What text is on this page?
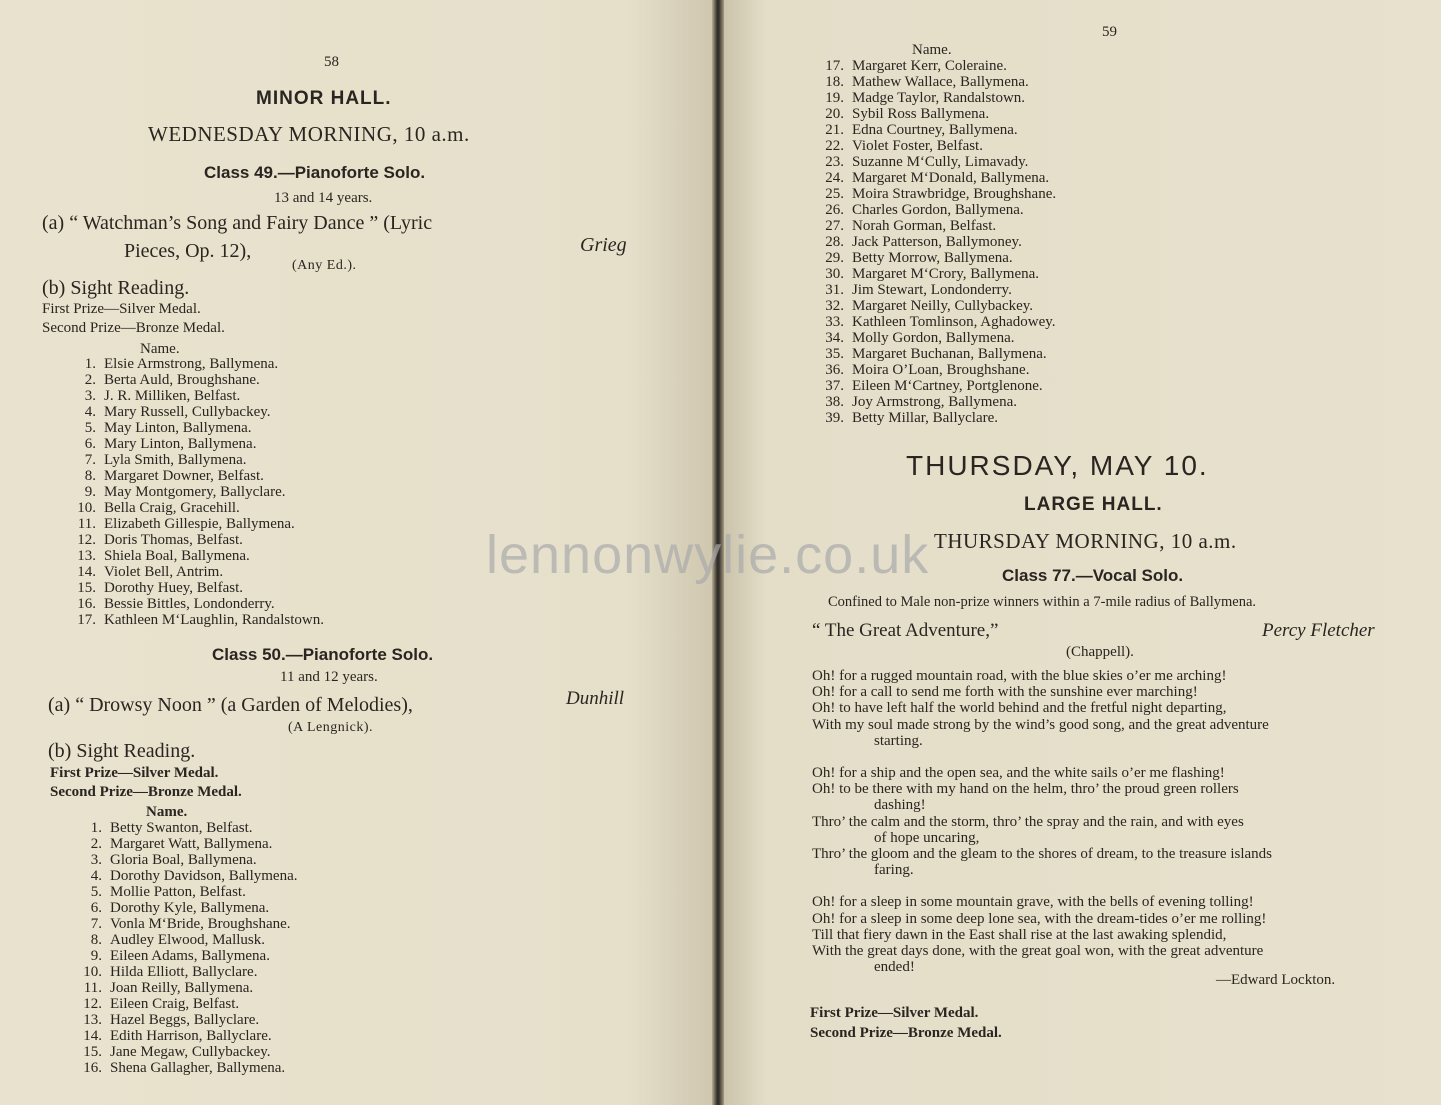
58
MINOR HALL.
WEDNESDAY MORNING, 10 a.m.
Class 49.—Pianoforte Solo.
13 and 14 years.
(a) “ Watchman’s Song and Fairy Dance ” (Lyric
Pieces, Op. 12),	Grieg
(Any Ed.).
(b) Sight Reading.
First Prize—Silver Medal.
Second Prize—Bronze Medal.
Name.
1. Elsie Armstrong, Ballymena.
2. Berta Auld, Broughshane.
3. J. R. Milliken, Belfast.
4. Mary Russell, Cullybackey.
5. May Linton, Ballymena.
6. Mary Linton, Ballymena.
7. Lyla Smith, Ballymena.
8. Margaret Downer, Belfast.
9. May Montgomery, Ballyclare.
10. Bella Craig, Gracehill.
11. Elizabeth Gillespie, Ballymena.
12. Doris Thomas, Belfast.
13. Shiela Boal, Ballymena.
14. Violet Bell, Antrim.
15. Dorothy Huey, Belfast.
16. Bessie Bittles, Londonderry.
17. Kathleen M‘Laughlin, Randalstown.
Class 50.—Pianoforte Solo.
11 and 12 years.
(a) “ Drowsy Noon ” (a Garden of Melodies),	Dunhill
(A Lengnick).
(b) Sight Reading.
First Prize—Silver Medal.
Second Prize—Bronze Medal.
Name.
1. Betty Swanton, Belfast.
2. Margaret Watt, Ballymena.
3. Gloria Boal, Ballymena.
4. Dorothy Davidson, Ballymena.
5. Mollie Patton, Belfast.
6. Dorothy Kyle, Ballymena.
7. Vonla M‘Bride, Broughshane.
8. Audley Elwood, Mallusk.
9. Eileen Adams, Ballymena.
10. Hilda Elliott, Ballyclare.
11. Joan Reilly, Ballymena.
12. Eileen Craig, Belfast.
13. Hazel Beggs, Ballyclare.
14. Edith Harrison, Ballyclare.
15. Jane Megaw, Cullybackey.
16. Shena Gallagher, Ballymena.
59
Name.
17. Margaret Kerr, Coleraine.
18. Mathew Wallace, Ballymena.
19. Madge Taylor, Randalstown.
20. Sybil Ross Ballymena.
21. Edna Courtney, Ballymena.
22. Violet Foster, Belfast.
23. Suzanne M‘Cully, Limavady.
24. Margaret M‘Donald, Ballymena.
25. Moira Strawbridge, Broughshane.
26. Charles Gordon, Ballymena.
27. Norah Gorman, Belfast.
28. Jack Patterson, Ballymoney.
29. Betty Morrow, Ballymena.
30. Margaret M‘Crory, Ballymena.
31. Jim Stewart, Londonderry.
32. Margaret Neilly, Cullybackey.
33. Kathleen Tomlinson, Aghadowey.
34. Molly Gordon, Ballymena.
35. Margaret Buchanan, Ballymena.
36. Moira O’Loan, Broughshane.
37. Eileen M‘Cartney, Portglenone.
38. Joy Armstrong, Ballymena.
39. Betty Millar, Ballyclare.
THURSDAY, MAY 10.
LARGE HALL.
THURSDAY MORNING, 10 a.m.
Class 77.—Vocal Solo.
Confined to Male non-prize winners within a 7-mile radius of Ballymena.
“ The Great Adventure,”	Percy Fletcher
(Chappell).
Oh! for a rugged mountain road, with the blue skies o’er me arching!
Oh! for a call to send me forth with the sunshine ever marching!
Oh! to have left half the world behind and the fretful night departing,
With my soul made strong by the wind’s good song, and the great adventure
starting.
Oh! for a ship and the open sea, and the white sails o’er me flashing!
Oh! to be there with my hand on the helm, thro’ the proud green rollers
dashing!
Thro’ the calm and the storm, thro’ the spray and the rain, and with eyes
of hope uncaring,
Thro’ the gloom and the gleam to the shores of dream, to the treasure islands
faring.
Oh! for a sleep in some mountain grave, with the bells of evening tolling!
Oh! for a sleep in some deep lone sea, with the dream-tides o’er me rolling!
Till that fiery dawn in the East shall rise at the last awaking splendid,
With the great days done, with the great goal won, with the great adventure
ended!
—Edward Lockton.
First Prize—Silver Medal.
Second Prize—Bronze Medal.
lennonwylie.co.uk
